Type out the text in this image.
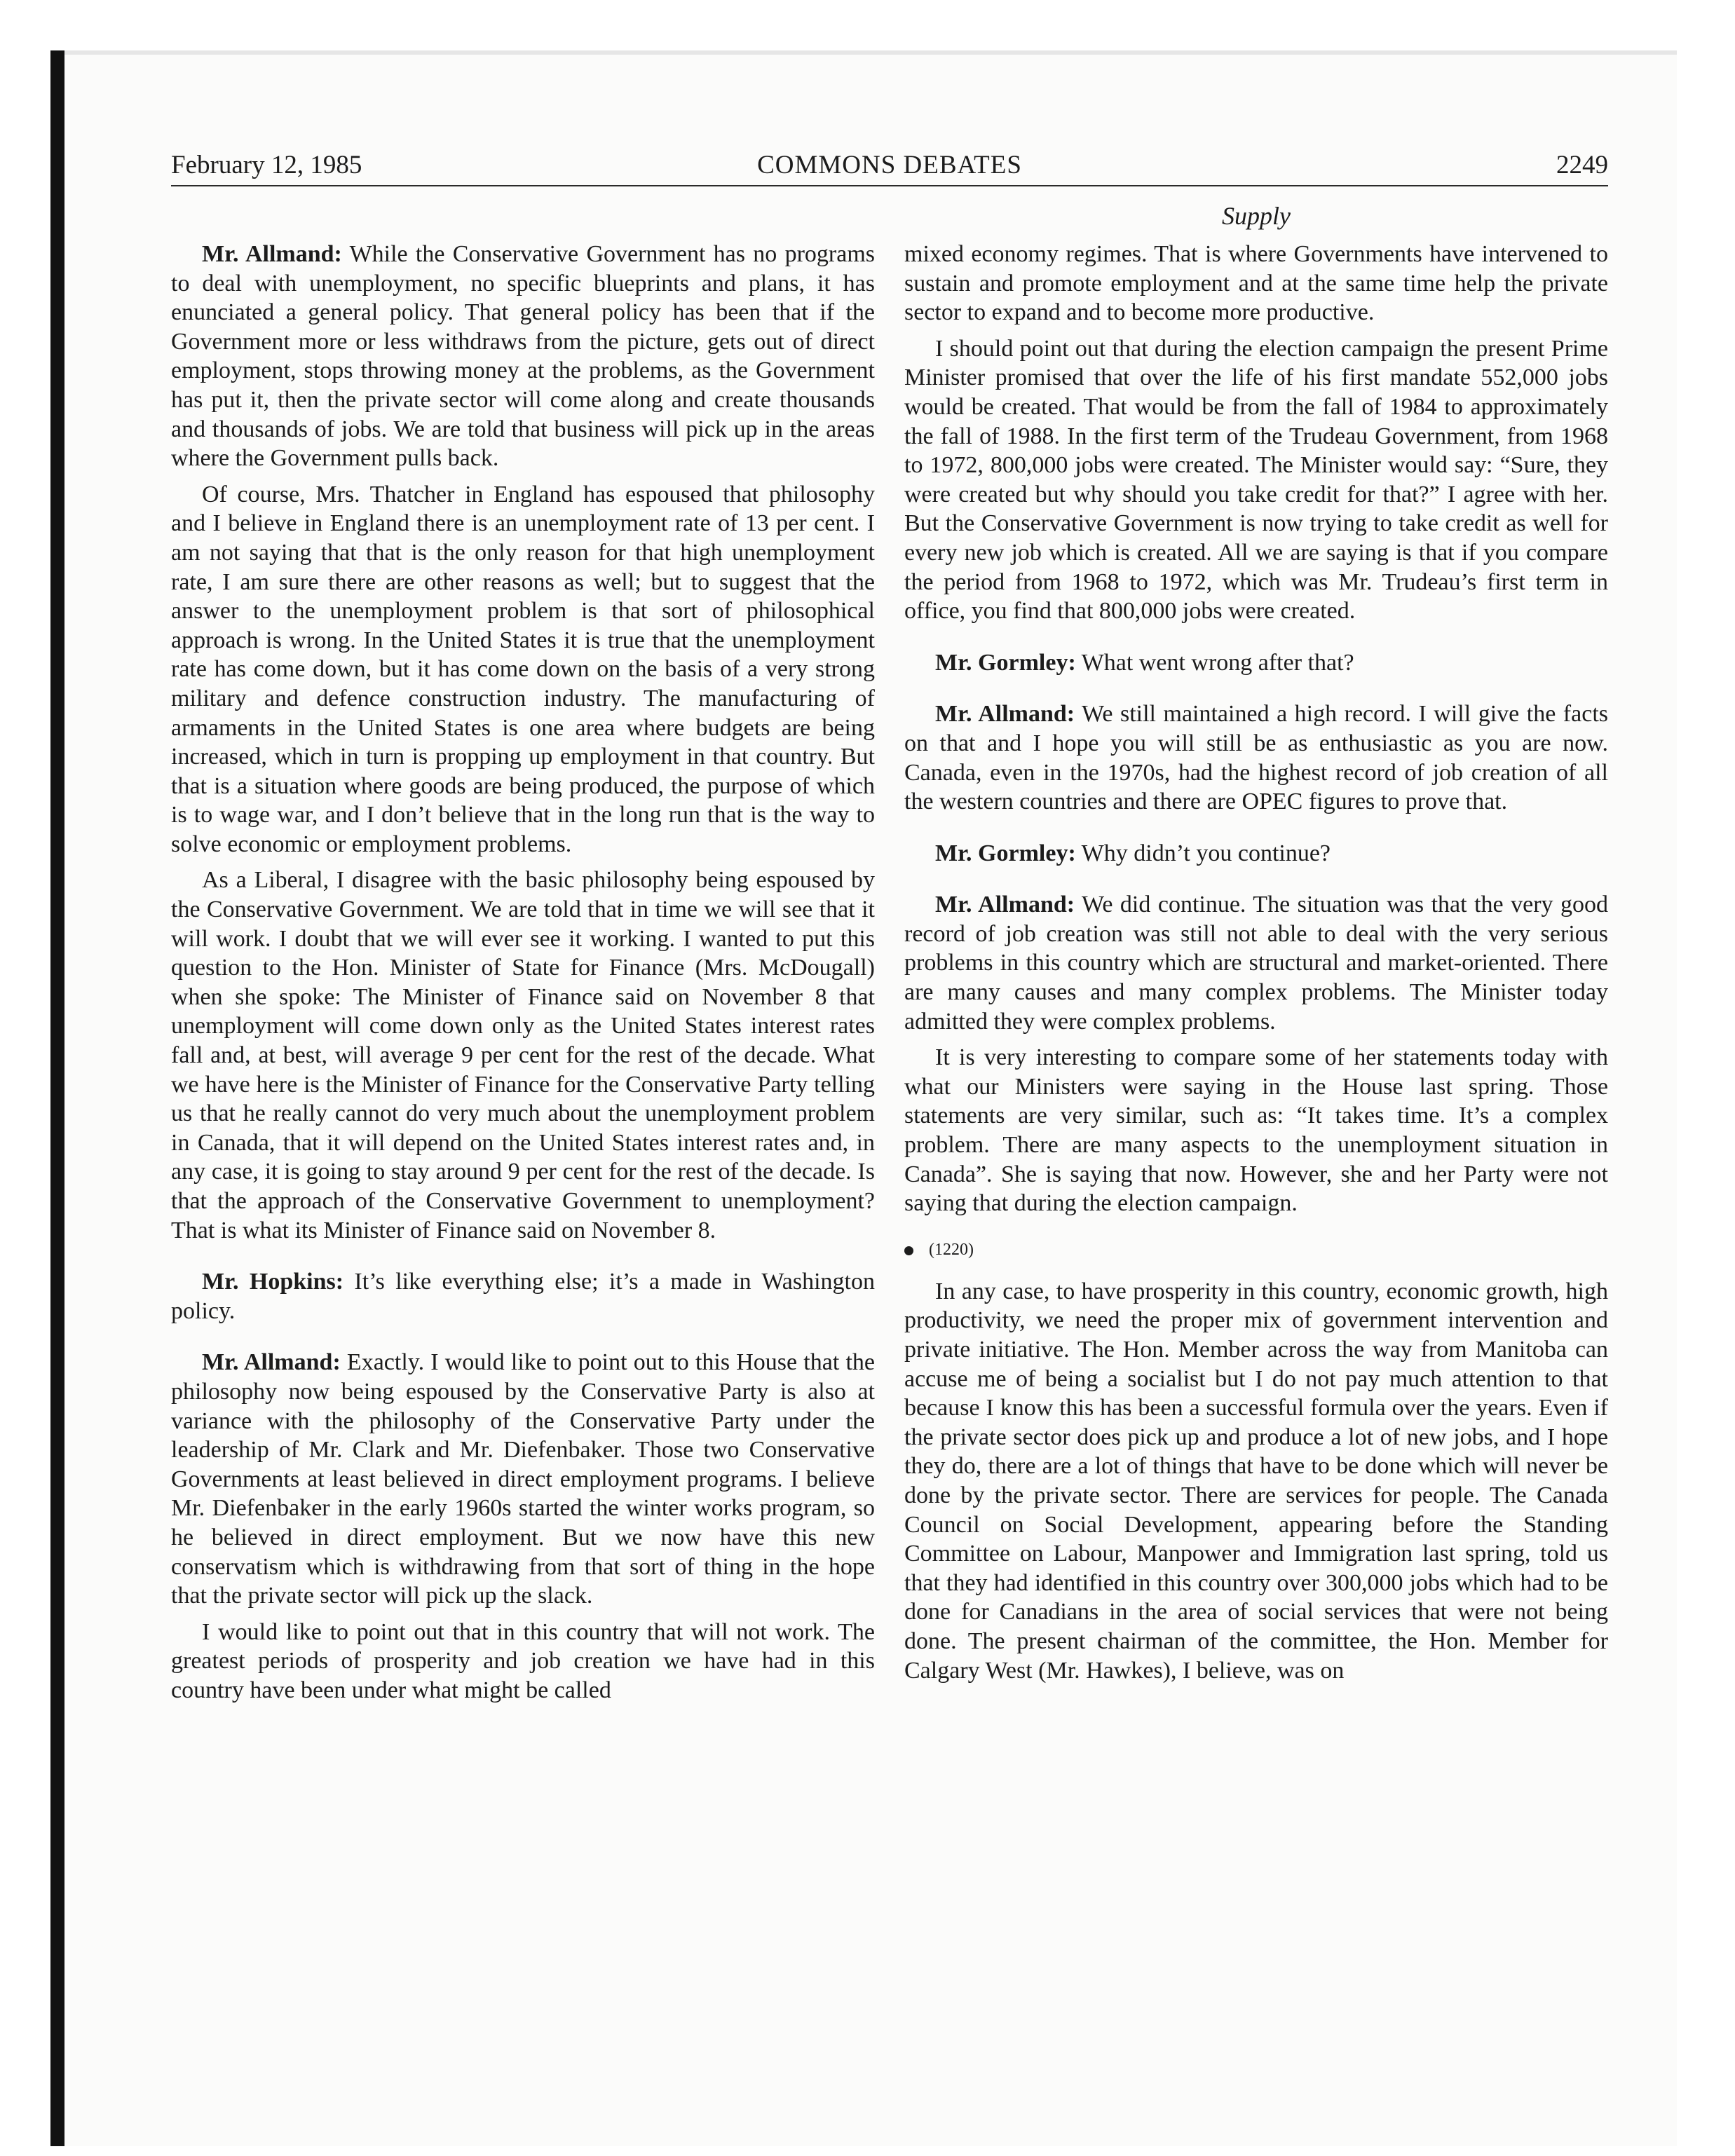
February 12, 1985	COMMONS DEBATES	2249
Supply

Mr. Allmand: While the Conservative Government has no programs to deal with unemployment, no specific blueprints and plans, it has enunciated a general policy. That general policy has been that if the Government more or less withdraws from the picture, gets out of direct employment, stops throwing money at the problems, as the Government has put it, then the private sector will come along and create thousands and thousands of jobs. We are told that business will pick up in the areas where the Government pulls back.

Of course, Mrs. Thatcher in England has espoused that philosophy and I believe in England there is an unemployment rate of 13 per cent. I am not saying that that is the only reason for that high unemployment rate, I am sure there are other reasons as well; but to suggest that the answer to the unemployment problem is that sort of philosophical approach is wrong. In the United States it is true that the unemployment rate has come down, but it has come down on the basis of a very strong military and defence construction industry. The manufacturing of armaments in the United States is one area where budgets are being increased, which in turn is propping up employment in that country. But that is a situation where goods are being produced, the purpose of which is to wage war, and I don’t believe that in the long run that is the way to solve economic or employment problems.

As a Liberal, I disagree with the basic philosophy being espoused by the Conservative Government. We are told that in time we will see that it will work. I doubt that we will ever see it working. I wanted to put this question to the Hon. Minister of State for Finance (Mrs. McDougall) when she spoke: The Minister of Finance said on November 8 that unemployment will come down only as the United States interest rates fall and, at best, will average 9 per cent for the rest of the decade. What we have here is the Minister of Finance for the Conservative Party telling us that he really cannot do very much about the unemployment problem in Canada, that it will depend on the United States interest rates and, in any case, it is going to stay around 9 per cent for the rest of the decade. Is that the approach of the Conservative Government to unemployment? That is what its Minister of Finance said on November 8.

Mr. Hopkins: It’s like everything else; it’s a made in Washington policy.

Mr. Allmand: Exactly. I would like to point out to this House that the philosophy now being espoused by the Conservative Party is also at variance with the philosophy of the Conservative Party under the leadership of Mr. Clark and Mr. Diefenbaker. Those two Conservative Governments at least believed in direct employment programs. I believe Mr. Diefenbaker in the early 1960s started the winter works program, so he believed in direct employment. But we now have this new conservatism which is withdrawing from that sort of thing in the hope that the private sector will pick up the slack.

I would like to point out that in this country that will not work. The greatest periods of prosperity and job creation we have had in this country have been under what might be called

mixed economy regimes. That is where Governments have intervened to sustain and promote employment and at the same time help the private sector to expand and to become more productive.

I should point out that during the election campaign the present Prime Minister promised that over the life of his first mandate 552,000 jobs would be created. That would be from the fall of 1984 to approximately the fall of 1988. In the first term of the Trudeau Government, from 1968 to 1972, 800,000 jobs were created. The Minister would say: “Sure, they were created but why should you take credit for that?” I agree with her. But the Conservative Government is now trying to take credit as well for every new job which is created. All we are saying is that if you compare the period from 1968 to 1972, which was Mr. Trudeau’s first term in office, you find that 800,000 jobs were created.

Mr. Gormley: What went wrong after that?

Mr. Allmand: We still maintained a high record. I will give the facts on that and I hope you will still be as enthusiastic as you are now. Canada, even in the 1970s, had the highest record of job creation of all the western countries and there are OPEC figures to prove that.

Mr. Gormley: Why didn’t you continue?

Mr. Allmand: We did continue. The situation was that the very good record of job creation was still not able to deal with the very serious problems in this country which are structural and market-oriented. There are many causes and many complex problems. The Minister today admitted they were complex problems.

It is very interesting to compare some of her statements today with what our Ministers were saying in the House last spring. Those statements are very similar, such as: “It takes time. It’s a complex problem. There are many aspects to the unemployment situation in Canada”. She is saying that now. However, she and her Party were not saying that during the election campaign.

(1220)

In any case, to have prosperity in this country, economic growth, high productivity, we need the proper mix of government intervention and private initiative. The Hon. Member across the way from Manitoba can accuse me of being a socialist but I do not pay much attention to that because I know this has been a successful formula over the years. Even if the private sector does pick up and produce a lot of new jobs, and I hope they do, there are a lot of things that have to be done which will never be done by the private sector. There are services for people. The Canada Council on Social Development, appearing before the Standing Committee on Labour, Manpower and Immigration last spring, told us that they had identified in this country over 300,000 jobs which had to be done for Canadians in the area of social services that were not being done. The present chairman of the committee, the Hon. Member for Calgary West (Mr. Hawkes), I believe, was on
